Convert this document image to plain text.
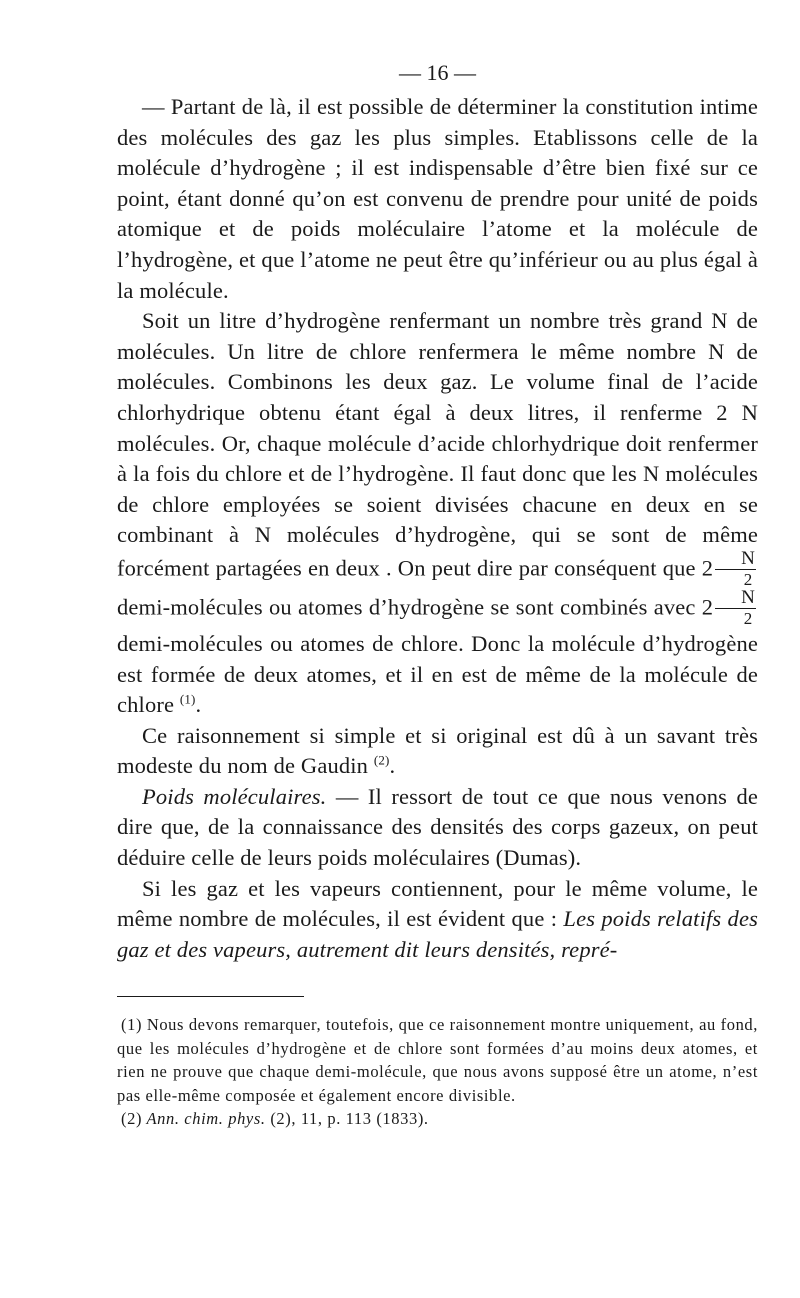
— 16 —

— Partant de là, il est possible de déterminer la constitution intime des molécules des gaz les plus simples. Etablissons celle de la molécule d’hydrogène ; il est indispensable d’être bien fixé sur ce point, étant donné qu’on est convenu de prendre pour unité de poids atomique et de poids moléculaire l’atome et la molécule de l’hydrogène, et que l’atome ne peut être qu’inférieur ou au plus égal à la molécule.

Soit un litre d’hydrogène renfermant un nombre très grand N de molécules. Un litre de chlore renfermera le même nombre N de molécules. Combinons les deux gaz. Le volume final de l’acide chlorhydrique obtenu étant égal à deux litres, il renferme 2 N molécules. Or, chaque molécule d’acide chlorhydrique doit renfermer à la fois du chlore et de l’hydrogène. Il faut donc que les N molécules de chlore employées se soient divisées chacune en deux en se combinant à N molécules d’hydrogène, qui se sont de même forcément partagées en deux . On peut dire par conséquent que $2 \frac{N}{2}$
demi-molécules ou atomes d’hydrogène se sont combinés avec $2 \frac{N}{2}$
demi-molécules ou atomes de chlore. Donc la molécule d’hydrogène est formée de deux atomes, et il en est de même de la molécule de chlore $^{(1)}$.

Ce raisonnement si simple et si original est dû à un savant très modeste du nom de Gaudin $^{(2)}$.

Poids moléculaires. — Il ressort de tout ce que nous venons de dire que, de la connaissance des densités des corps gazeux, on peut déduire celle de leurs poids moléculaires (Dumas).

Si les gaz et les vapeurs contiennent, pour le même volume, le même nombre de molécules, il est évident que : Les poids relatifs des gaz et des vapeurs, autrement dit leurs densités, repré-

(1) Nous devons remarquer, toutefois, que ce raisonnement montre uniquement, au fond, que les molécules d’hydrogène et de chlore sont formées d’au moins deux atomes, et rien ne prouve que chaque demi-molécule, que nous avons supposé être un atome, n’est pas elle-même composée et également encore divisible.

(2) Ann. chim. phys. (2), 11, p. 113 (1833).
